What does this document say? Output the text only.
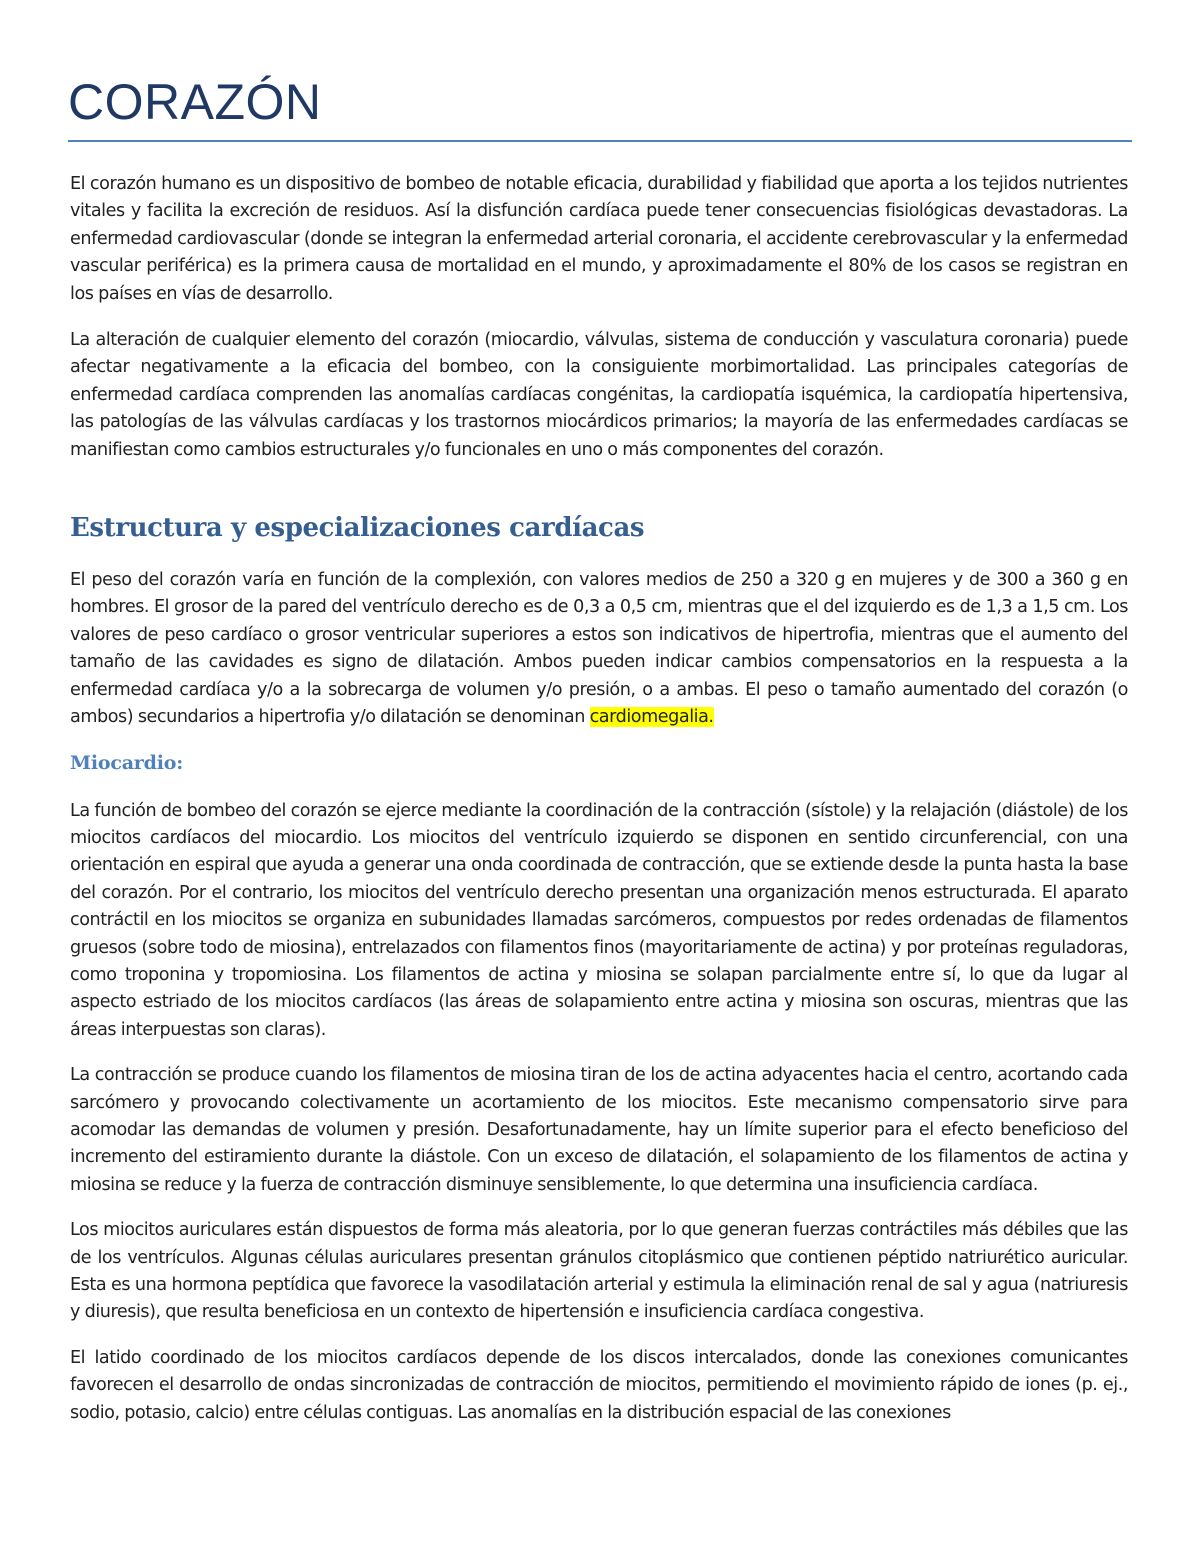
CORAZÓN

El corazón humano es un dispositivo de bombeo de notable eficacia, durabilidad y fiabilidad que aporta a los tejidos nutrientes vitales y facilita la excreción de residuos. Así la disfunción cardíaca puede tener consecuencias fisiológicas devastadoras. La enfermedad cardiovascular (donde se integran la enfermedad arterial coronaria, el accidente cerebrovascular y la enfermedad vascular periférica) es la primera causa de mortalidad en el mundo, y aproximadamente el 80% de los casos se registran en los países en vías de desarrollo.

La alteración de cualquier elemento del corazón (miocardio, válvulas, sistema de conducción y vasculatura coronaria) puede afectar negativamente a la eficacia del bombeo, con la consiguiente morbimortalidad. Las principales categorías de enfermedad cardíaca comprenden las anomalías cardíacas congénitas, la cardiopatía isquémica, la cardiopatía hipertensiva, las patologías de las válvulas cardíacas y los trastornos miocárdicos primarios; la mayoría de las enfermedades cardíacas se manifiestan como cambios estructurales y/o funcionales en uno o más componentes del corazón.

Estructura y especializaciones cardíacas

El peso del corazón varía en función de la complexión, con valores medios de 250 a 320 g en mujeres y de 300 a 360 g en hombres. El grosor de la pared del ventrículo derecho es de 0,3 a 0,5 cm, mientras que el del izquierdo es de 1,3 a 1,5 cm. Los valores de peso cardíaco o grosor ventricular superiores a estos son indicativos de hipertrofia, mientras que el aumento del tamaño de las cavidades es signo de dilatación. Ambos pueden indicar cambios compensatorios en la respuesta a la enfermedad cardíaca y/o a la sobrecarga de volumen y/o presión, o a ambas. El peso o tamaño aumentado del corazón (o ambos) secundarios a hipertrofia y/o dilatación se denominan cardiomegalia.

Miocardio:

La función de bombeo del corazón se ejerce mediante la coordinación de la contracción (sístole) y la relajación (diástole) de los miocitos cardíacos del miocardio. Los miocitos del ventrículo izquierdo se disponen en sentido circunferencial, con una orientación en espiral que ayuda a generar una onda coordinada de contracción, que se extiende desde la punta hasta la base del corazón. Por el contrario, los miocitos del ventrículo derecho presentan una organización menos estructurada. El aparato contráctil en los miocitos se organiza en subunidades llamadas sarcómeros, compuestos por redes ordenadas de filamentos gruesos (sobre todo de miosina), entrelazados con filamentos finos (mayoritariamente de actina) y por proteínas reguladoras, como troponina y tropomiosina. Los filamentos de actina y miosina se solapan parcialmente entre sí, lo que da lugar al aspecto estriado de los miocitos cardíacos (las áreas de solapamiento entre actina y miosina son oscuras, mientras que las áreas interpuestas son claras).

La contracción se produce cuando los filamentos de miosina tiran de los de actina adyacentes hacia el centro, acortando cada sarcómero y provocando colectivamente un acortamiento de los miocitos. Este mecanismo compensatorio sirve para acomodar las demandas de volumen y presión. Desafortunadamente, hay un límite superior para el efecto beneficioso del incremento del estiramiento durante la diástole. Con un exceso de dilatación, el solapamiento de los filamentos de actina y miosina se reduce y la fuerza de contracción disminuye sensiblemente, lo que determina una insuficiencia cardíaca.

Los miocitos auriculares están dispuestos de forma más aleatoria, por lo que generan fuerzas contráctiles más débiles que las de los ventrículos. Algunas células auriculares presentan gránulos citoplásmico que contienen péptido natriurético auricular. Esta es una hormona peptídica que favorece la vasodilatación arterial y estimula la eliminación renal de sal y agua (natriuresis y diuresis), que resulta beneficiosa en un contexto de hipertensión e insuficiencia cardíaca congestiva.

El latido coordinado de los miocitos cardíacos depende de los discos intercalados, donde las conexiones comunicantes favorecen el desarrollo de ondas sincronizadas de contracción de miocitos, permitiendo el movimiento rápido de iones (p. ej., sodio, potasio, calcio) entre células contiguas. Las anomalías en la distribución espacial de las conexiones
